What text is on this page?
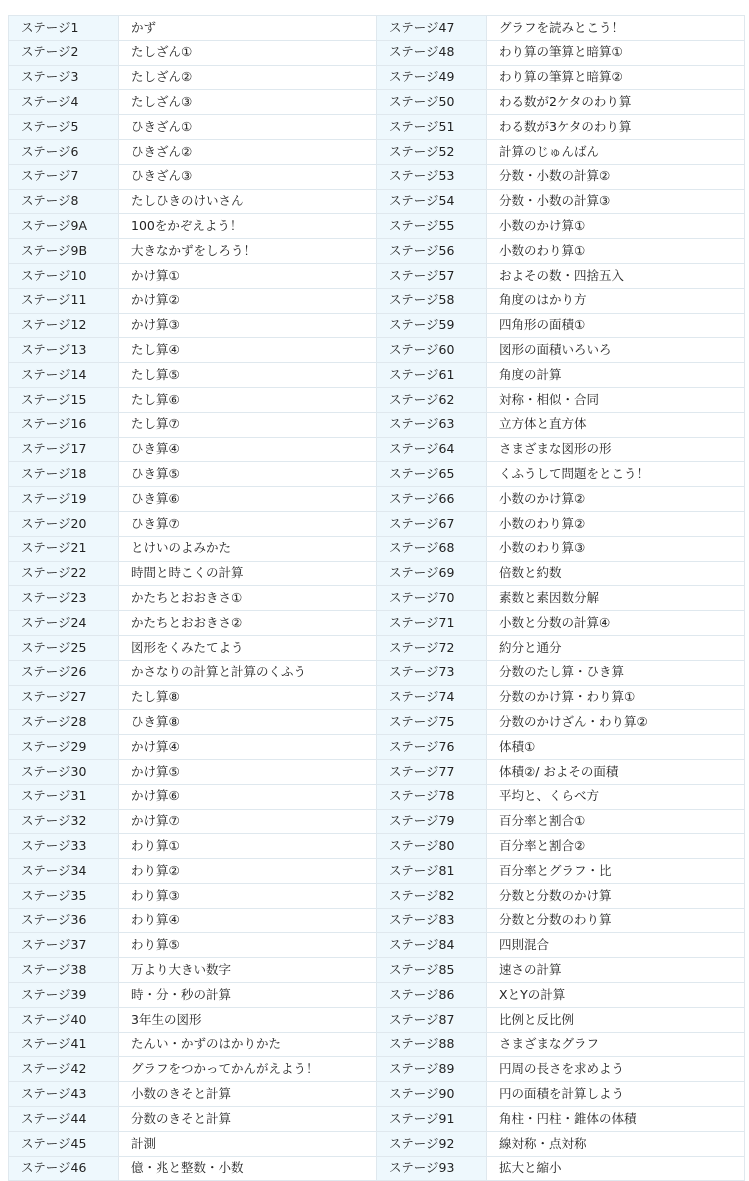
ステージ1	かず	ステージ47	グラフを読みとこう！
ステージ2	たしざん①	ステージ48	わり算の筆算と暗算①
ステージ3	たしざん②	ステージ49	わり算の筆算と暗算②
ステージ4	たしざん③	ステージ50	わる数が2ケタのわり算
ステージ5	ひきざん①	ステージ51	わる数が3ケタのわり算
ステージ6	ひきざん②	ステージ52	計算のじゅんばん
ステージ7	ひきざん③	ステージ53	分数・小数の計算②
ステージ8	たしひきのけいさん	ステージ54	分数・小数の計算③
ステージ9A	100をかぞえよう！	ステージ55	小数のかけ算①
ステージ9B	大きなかずをしろう！	ステージ56	小数のわり算①
ステージ10	かけ算①	ステージ57	およその数・四捨五入
ステージ11	かけ算②	ステージ58	角度のはかり方
ステージ12	かけ算③	ステージ59	四角形の面積①
ステージ13	たし算④	ステージ60	図形の面積いろいろ
ステージ14	たし算⑤	ステージ61	角度の計算
ステージ15	たし算⑥	ステージ62	対称・相似・合同
ステージ16	たし算⑦	ステージ63	立方体と直方体
ステージ17	ひき算④	ステージ64	さまざまな図形の形
ステージ18	ひき算⑤	ステージ65	くふうして問題をとこう！
ステージ19	ひき算⑥	ステージ66	小数のかけ算②
ステージ20	ひき算⑦	ステージ67	小数のわり算②
ステージ21	とけいのよみかた	ステージ68	小数のわり算③
ステージ22	時間と時こくの計算	ステージ69	倍数と約数
ステージ23	かたちとおおきさ①	ステージ70	素数と素因数分解
ステージ24	かたちとおおきさ②	ステージ71	小数と分数の計算④
ステージ25	図形をくみたてよう	ステージ72	約分と通分
ステージ26	かさなりの計算と計算のくふう	ステージ73	分数のたし算・ひき算
ステージ27	たし算⑧	ステージ74	分数のかけ算・わり算①
ステージ28	ひき算⑧	ステージ75	分数のかけざん・わり算②
ステージ29	かけ算④	ステージ76	体積①
ステージ30	かけ算⑤	ステージ77	体積②/ およその面積
ステージ31	かけ算⑥	ステージ78	平均と、くらべ方
ステージ32	かけ算⑦	ステージ79	百分率と割合①
ステージ33	わり算①	ステージ80	百分率と割合②
ステージ34	わり算②	ステージ81	百分率とグラフ・比
ステージ35	わり算③	ステージ82	分数と分数のかけ算
ステージ36	わり算④	ステージ83	分数と分数のわり算
ステージ37	わり算⑤	ステージ84	四則混合
ステージ38	万より大きい数字	ステージ85	速さの計算
ステージ39	時・分・秒の計算	ステージ86	XとYの計算
ステージ40	3年生の図形	ステージ87	比例と反比例
ステージ41	たんい・かずのはかりかた	ステージ88	さまざまなグラフ
ステージ42	グラフをつかってかんがえよう！	ステージ89	円周の長さを求めよう
ステージ43	小数のきそと計算	ステージ90	円の面積を計算しよう
ステージ44	分数のきそと計算	ステージ91	角柱・円柱・錐体の体積
ステージ45	計測	ステージ92	線対称・点対称
ステージ46	億・兆と整数・小数	ステージ93	拡大と縮小
